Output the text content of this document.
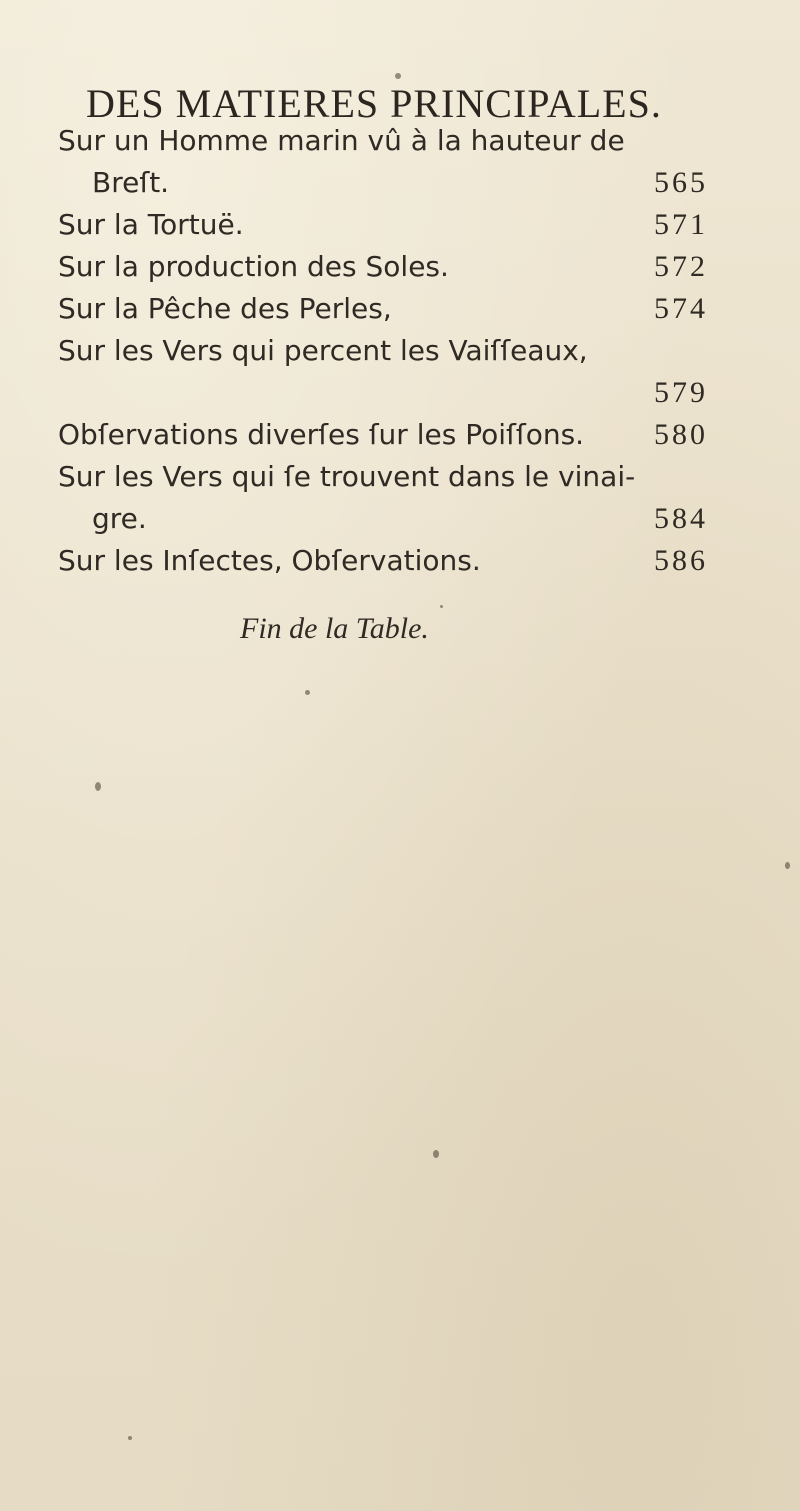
DES MATIERES PRINCIPALES.
Sur un Homme marin vû à la hauteur de
Breſt.	565
Sur la Tortuë.	571
Sur la production des Soles.	572
Sur la Pêche des Perles,	574
Sur les Vers qui percent les Vaiſſeaux,
579
Obſervations diverſes ſur les Poiſſons. 580
Sur les Vers qui ſe trouvent dans le vinai-
gre.	584
Sur les Inſectes, Obſervations.	586
Fin de la Table.
